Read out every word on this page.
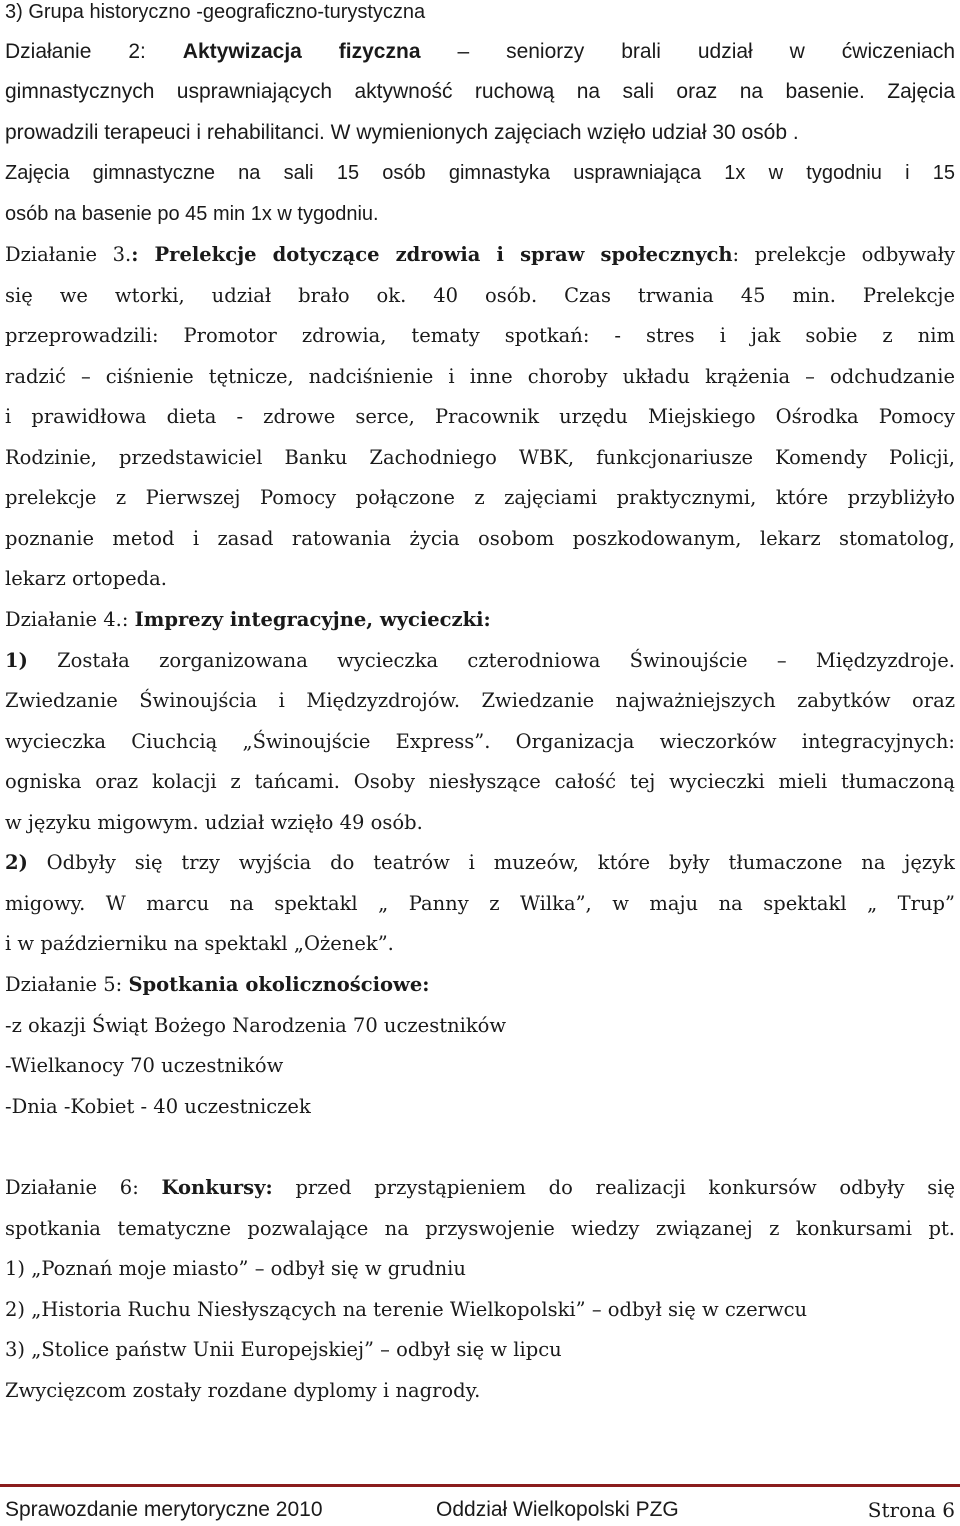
3) Grupa historyczno -geograficzno-turystyczna
Działanie 2: Aktywizacja fizyczna – seniorzy brali udział w ćwiczeniach
gimnastycznych usprawniających aktywność ruchową na sali oraz na basenie. Zajęcia
prowadzili terapeuci i rehabilitanci. W wymienionych zajęciach wzięło udział 30 osób .
Zajęcia gimnastyczne na sali 15 osób gimnastyka usprawniająca 1x w tygodniu i 15
osób na basenie po 45 min 1x w tygodniu.
Działanie 3.: Prelekcje dotyczące zdrowia i spraw społecznych: prelekcje odbywały
się we wtorki, udział brało ok. 40 osób. Czas trwania 45 min. Prelekcje
przeprowadzili: Promotor zdrowia, tematy spotkań: - stres i jak sobie z nim
radzić – ciśnienie tętnicze, nadciśnienie i inne choroby układu krążenia – odchudzanie
i prawidłowa dieta - zdrowe serce, Pracownik urzędu Miejskiego Ośrodka Pomocy
Rodzinie, przedstawiciel Banku Zachodniego WBK, funkcjonariusze Komendy Policji,
prelekcje z Pierwszej Pomocy połączone z zajęciami praktycznymi, które przybliżyło
poznanie metod i zasad ratowania życia osobom poszkodowanym, lekarz stomatolog,
lekarz ortopeda.
Działanie 4.: Imprezy integracyjne, wycieczki:
1) Została zorganizowana wycieczka czterodniowa Świnoujście – Międzyzdroje.
Zwiedzanie Świnoujścia i Międzyzdrojów. Zwiedzanie najważniejszych zabytków oraz
wycieczka Ciuchcią „Świnoujście Express”. Organizacja wieczorków integracyjnych:
ogniska oraz kolacji z tańcami. Osoby niesłyszące całość tej wycieczki mieli tłumaczoną
w języku migowym. udział wzięło 49 osób.
2) Odbyły się trzy wyjścia do teatrów i muzeów, które były tłumaczone na język
migowy. W marcu na spektakl „ Panny z Wilka”, w maju na spektakl „ Trup”
i w październiku na spektakl „Ożenek”.
Działanie 5: Spotkania okolicznościowe:
-z okazji Świąt Bożego Narodzenia 70 uczestników
-Wielkanocy 70 uczestników
-Dnia -Kobiet - 40 uczestniczek
Działanie 6: Konkursy: przed przystąpieniem do realizacji konkursów odbyły się
spotkania tematyczne pozwalające na przyswojenie wiedzy związanej z konkursami pt.
1) „Poznań moje miasto” – odbył się w grudniu
2) „Historia Ruchu Niesłyszących na terenie Wielkopolski” – odbył się w czerwcu
3) „Stolice państw Unii Europejskiej” – odbył się w lipcu
Zwycięzcom zostały rozdane dyplomy i nagrody.
Sprawozdanie merytoryczne 2010	Oddział Wielkopolski PZG	Strona 6
